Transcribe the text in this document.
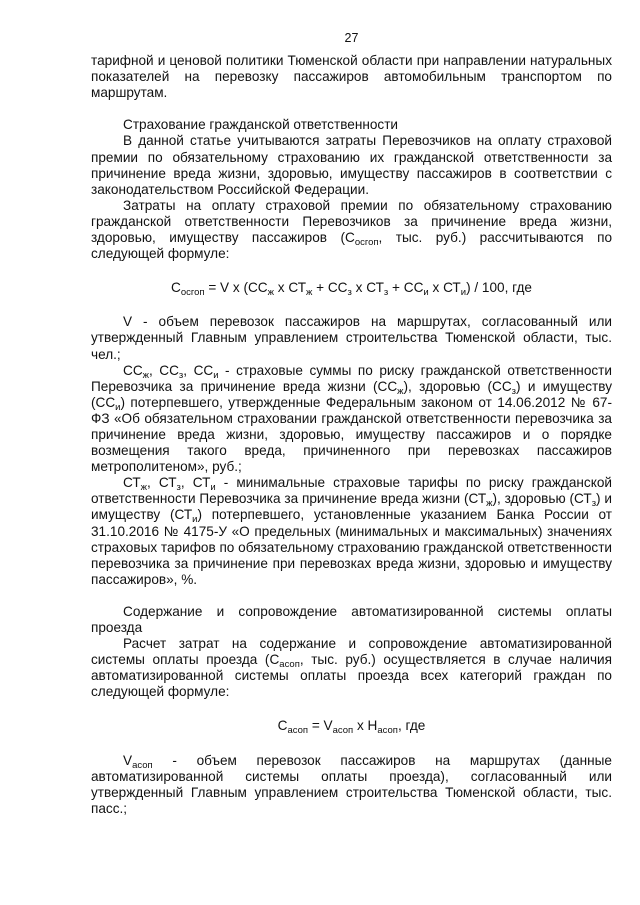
27

тарифной и ценовой политики Тюменской области при направлении натуральных показателей на перевозку пассажиров автомобильным транспортом по маршрутам.

Страхование гражданской ответственности

В данной статье учитываются затраты Перевозчиков на оплату страховой премии по обязательному страхованию их гражданской ответственности за причинение вреда жизни, здоровью, имуществу пассажиров в соответствии с законодательством Российской Федерации.

Затраты на оплату страховой премии по обязательному страхованию гражданской ответственности Перевозчиков за причинение вреда жизни, здоровью, имуществу пассажиров ($С_{осгоп}$, тыс. руб.) рассчитываются по следующей формуле:

$С_{осгоп} = V$ x ($СС_ж$ x $СТ_ж + СС_з$ x $СТ_з + СС_и$ x $СТ_и) / 100$, где

V - объем перевозок пассажиров на маршрутах, согласованный или утвержденный Главным управлением строительства Тюменской области, тыс. чел.;

$СС_ж$, $СС_з$, $СС_и$ - страховые суммы по риску гражданской ответственности Перевозчика за причинение вреда жизни $(СС_ж)$, здоровью $(СС_з)$ и имуществу $(СС_и)$ потерпевшего, утвержденные Федеральным законом от 14.06.2012 № 67-ФЗ «Об обязательном страховании гражданской ответственности перевозчика за причинение вреда жизни, здоровью, имуществу пассажиров и о порядке возмещения такого вреда, причиненного при перевозках пассажиров метрополитеном», руб.;

$СТ_ж$, $СТ_з$, $СТ_и$ - минимальные страховые тарифы по риску гражданской ответственности Перевозчика за причинение вреда жизни $(СТ_ж)$, здоровью $(СТ_з)$ и имуществу $(СТ_и)$ потерпевшего, установленные указанием Банка России от 31.10.2016 № 4175-У «О предельных (минимальных и максимальных) значениях страховых тарифов по обязательному страхованию гражданской ответственности перевозчика за причинение при перевозках вреда жизни, здоровью и имуществу пассажиров», %.

Содержание и сопровождение автоматизированной системы оплаты проезда

Расчет затрат на содержание и сопровождение автоматизированной системы оплаты проезда ($С_{асоп}$, тыс. руб.) осуществляется в случае наличия автоматизированной системы оплаты проезда всех категорий граждан по следующей формуле:

$С_{асоп} = V_{асоп}$ x $Н_{асоп}$, где

$V_{асоп}$ - объем перевозок пассажиров на маршрутах (данные автоматизированной системы оплаты проезда), согласованный или утвержденный Главным управлением строительства Тюменской области, тыс. пасс.;
